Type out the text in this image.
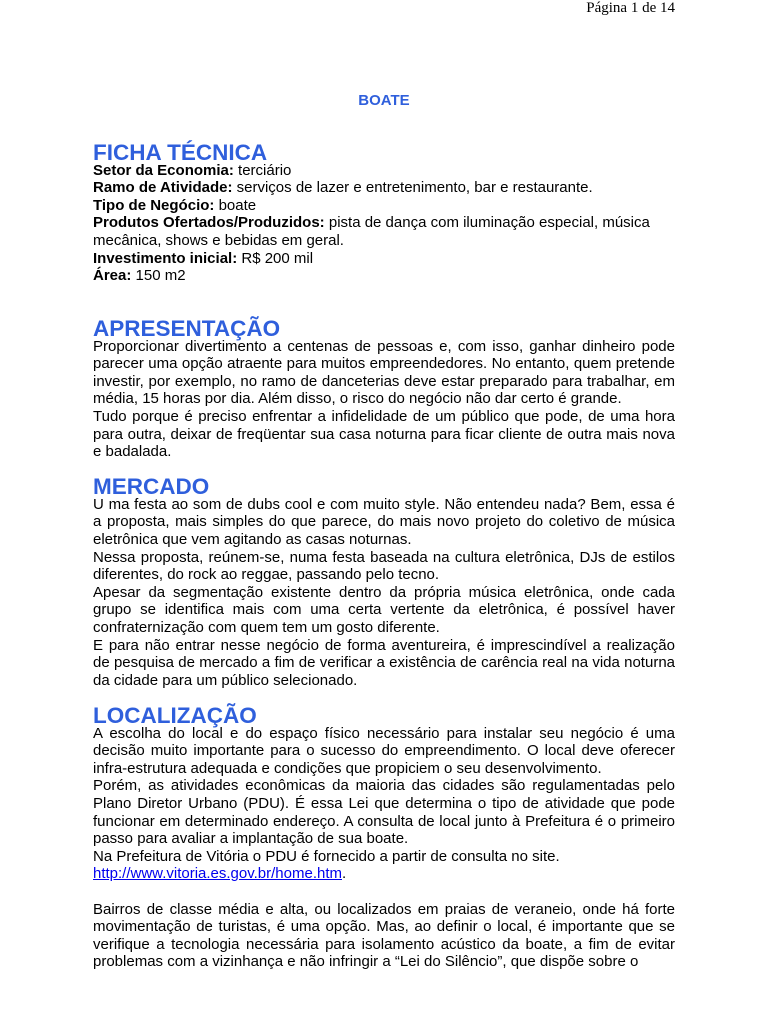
Página 1 de 14
BOATE
FICHA TÉCNICA
Setor da Economia: terciário
Ramo de Atividade: serviços de lazer e entretenimento, bar e restaurante.
Tipo de Negócio: boate
Produtos Ofertados/Produzidos: pista de dança com iluminação especial, música mecânica, shows e bebidas em geral.
Investimento inicial: R$ 200 mil
Área: 150 m2
APRESENTAÇÃO

Proporcionar divertimento a centenas de pessoas e, com isso, ganhar dinheiro pode parecer uma opção atraente para muitos empreendedores. No entanto, quem pretende investir, por exemplo, no ramo de danceterias deve estar preparado para trabalhar, em média, 15 horas por dia. Além disso, o risco do negócio não dar certo é grande.

Tudo porque é preciso enfrentar a infidelidade de um público que pode, de uma hora para outra, deixar de freqüentar sua casa noturna para ficar cliente de outra mais nova e badalada.

MERCADO

U ma festa ao som de dubs cool e com muito style. Não entendeu nada? Bem, essa é a proposta, mais simples do que parece, do mais novo projeto do coletivo de música eletrônica que vem agitando as casas noturnas.

Nessa proposta, reúnem-se, numa festa baseada na cultura eletrônica, DJs de estilos diferentes, do rock ao reggae, passando pelo tecno.

Apesar da segmentação existente dentro da própria música eletrônica, onde cada grupo se identifica mais com uma certa vertente da eletrônica, é possível haver confraternização com quem tem um gosto diferente.

E para não entrar nesse negócio de forma aventureira, é imprescindível a realização de pesquisa de mercado a fim de verificar a existência de carência real na vida noturna da cidade para um público selecionado.

LOCALIZAÇÃO

A escolha do local e do espaço físico necessário para instalar seu negócio é uma decisão muito importante para o sucesso do empreendimento. O local deve oferecer infra-estrutura adequada e condições que propiciem o seu desenvolvimento.

Porém, as atividades econômicas da maioria das cidades são regulamentadas pelo Plano Diretor Urbano (PDU). É essa Lei que determina o tipo de atividade que pode funcionar em determinado endereço. A consulta de local junto à Prefeitura é o primeiro passo para avaliar a implantação de sua boate.

Na Prefeitura de Vitória o PDU é fornecido a partir de consulta no site.
http://www.vitoria.es.gov.br/home.htm.

Bairros de classe média e alta, ou localizados em praias de veraneio, onde há forte movimentação de turistas, é uma opção. Mas, ao definir o local, é importante que se verifique a tecnologia necessária para isolamento acústico da boate, a fim de evitar problemas com a vizinhança e não infringir a “Lei do Silêncio”, que dispõe sobre o
